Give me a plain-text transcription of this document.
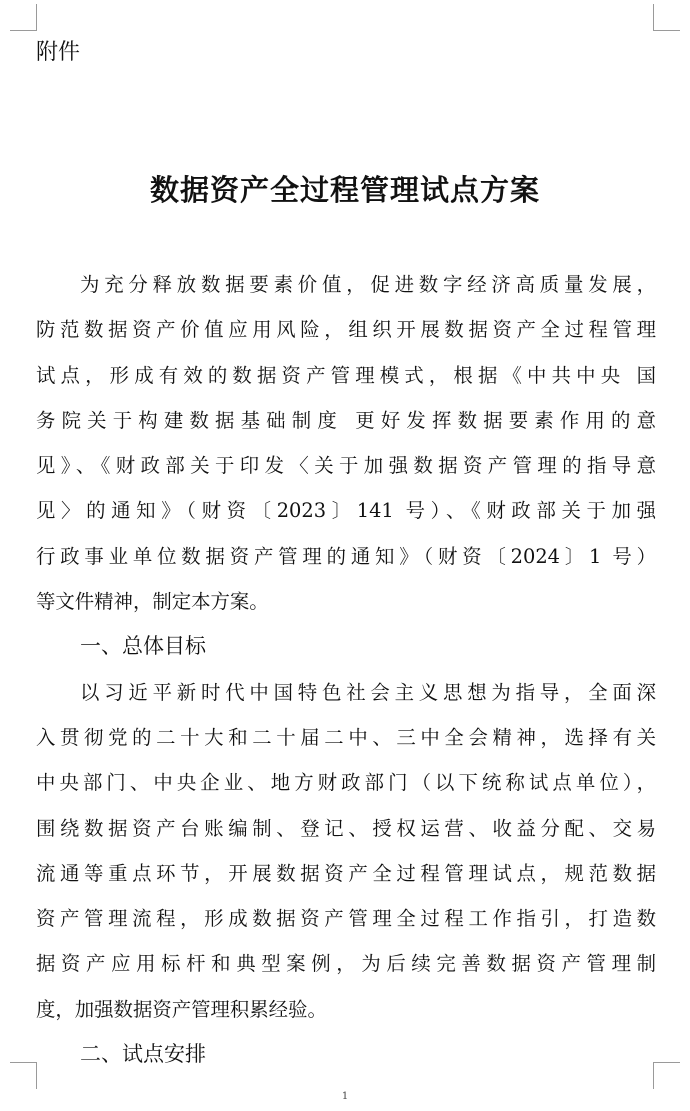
附件
数据资产全过程管理试点方案
为充分释放数据要素价值，促进数字经济高质量发展，
防范数据资产价值应用风险，组织开展数据资产全过程管理
试点，形成有效的数据资产管理模式，根据《中共中央 国
务院关于构建数据基础制度 更好发挥数据要素作用的意
见》、《财政部关于印发〈关于加强数据资产管理的指导意
见〉的通知》（财资〔2023〕141 号）、《财政部关于加强
行政事业单位数据资产管理的通知》（财资〔2024〕1 号）
等文件精神，制定本方案。
一、总体目标
以习近平新时代中国特色社会主义思想为指导，全面深
入贯彻党的二十大和二十届二中、三中全会精神，选择有关
中央部门、中央企业、地方财政部门（以下统称试点单位），
围绕数据资产台账编制、登记、授权运营、收益分配、交易
流通等重点环节，开展数据资产全过程管理试点，规范数据
资产管理流程，形成数据资产管理全过程工作指引，打造数
据资产应用标杆和典型案例，为后续完善数据资产管理制
度，加强数据资产管理积累经验。
二、试点安排
1
